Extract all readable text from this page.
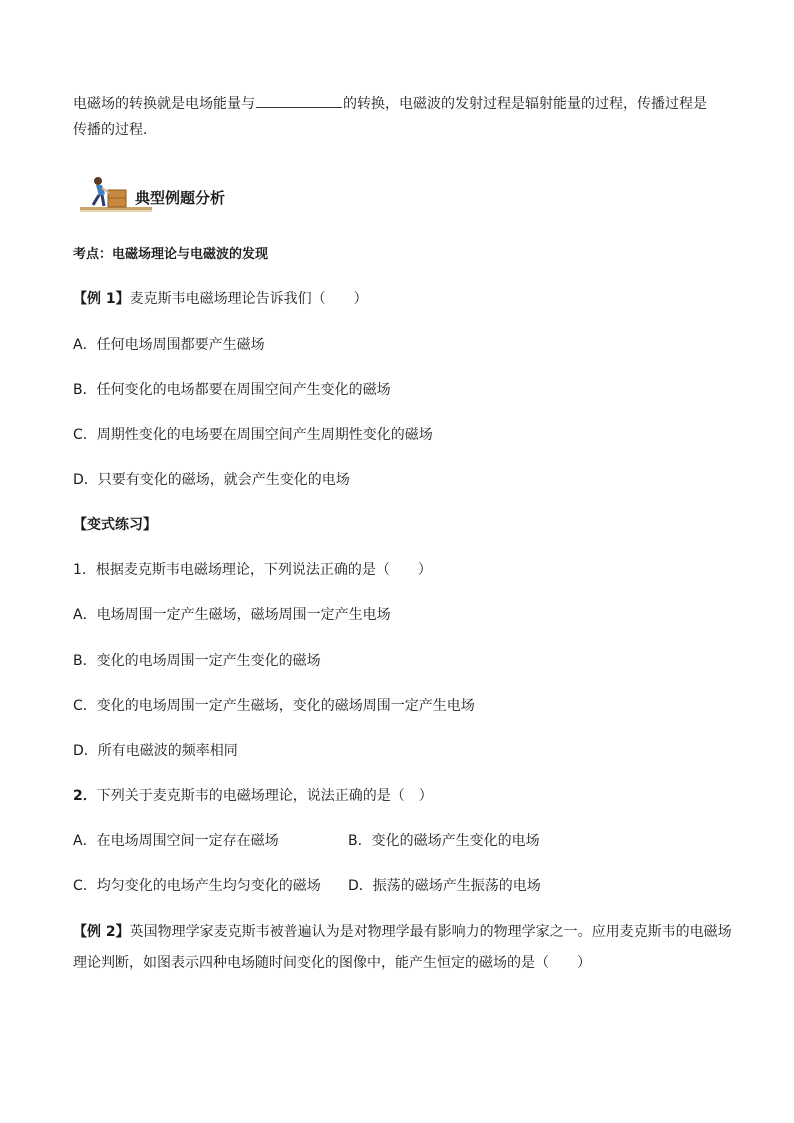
电磁场的转换就是电场能量与	的转换，电磁波的发射过程是辐射能量的过程，传播过程是
传播的过程．
典型例题分析
考点：电磁场理论与电磁波的发现
【例 1】麦克斯韦电磁场理论告诉我们（　　）
A．任何电场周围都要产生磁场
B．任何变化的电场都要在周围空间产生变化的磁场
C．周期性变化的电场要在周围空间产生周期性变化的磁场
D．只要有变化的磁场，就会产生变化的电场
【变式练习】
1．根据麦克斯韦电磁场理论，下列说法正确的是（　　）
A．电场周围一定产生磁场，磁场周围一定产生电场
B．变化的电场周围一定产生变化的磁场
C．变化的电场周围一定产生磁场，变化的磁场周围一定产生电场
D．所有电磁波的频率相同
2．下列关于麦克斯韦的电磁场理论，说法正确的是（　）
A．在电场周围空间一定存在磁场	B．变化的磁场产生变化的电场
C．均匀变化的电场产生均匀变化的磁场 D．振荡的磁场产生振荡的电场
【例 2】英国物理学家麦克斯韦被普遍认为是对物理学最有影响力的物理学家之一。应用麦克斯韦的电磁场
理论判断，如图表示四种电场随时间变化的图像中，能产生恒定的磁场的是（　　）
